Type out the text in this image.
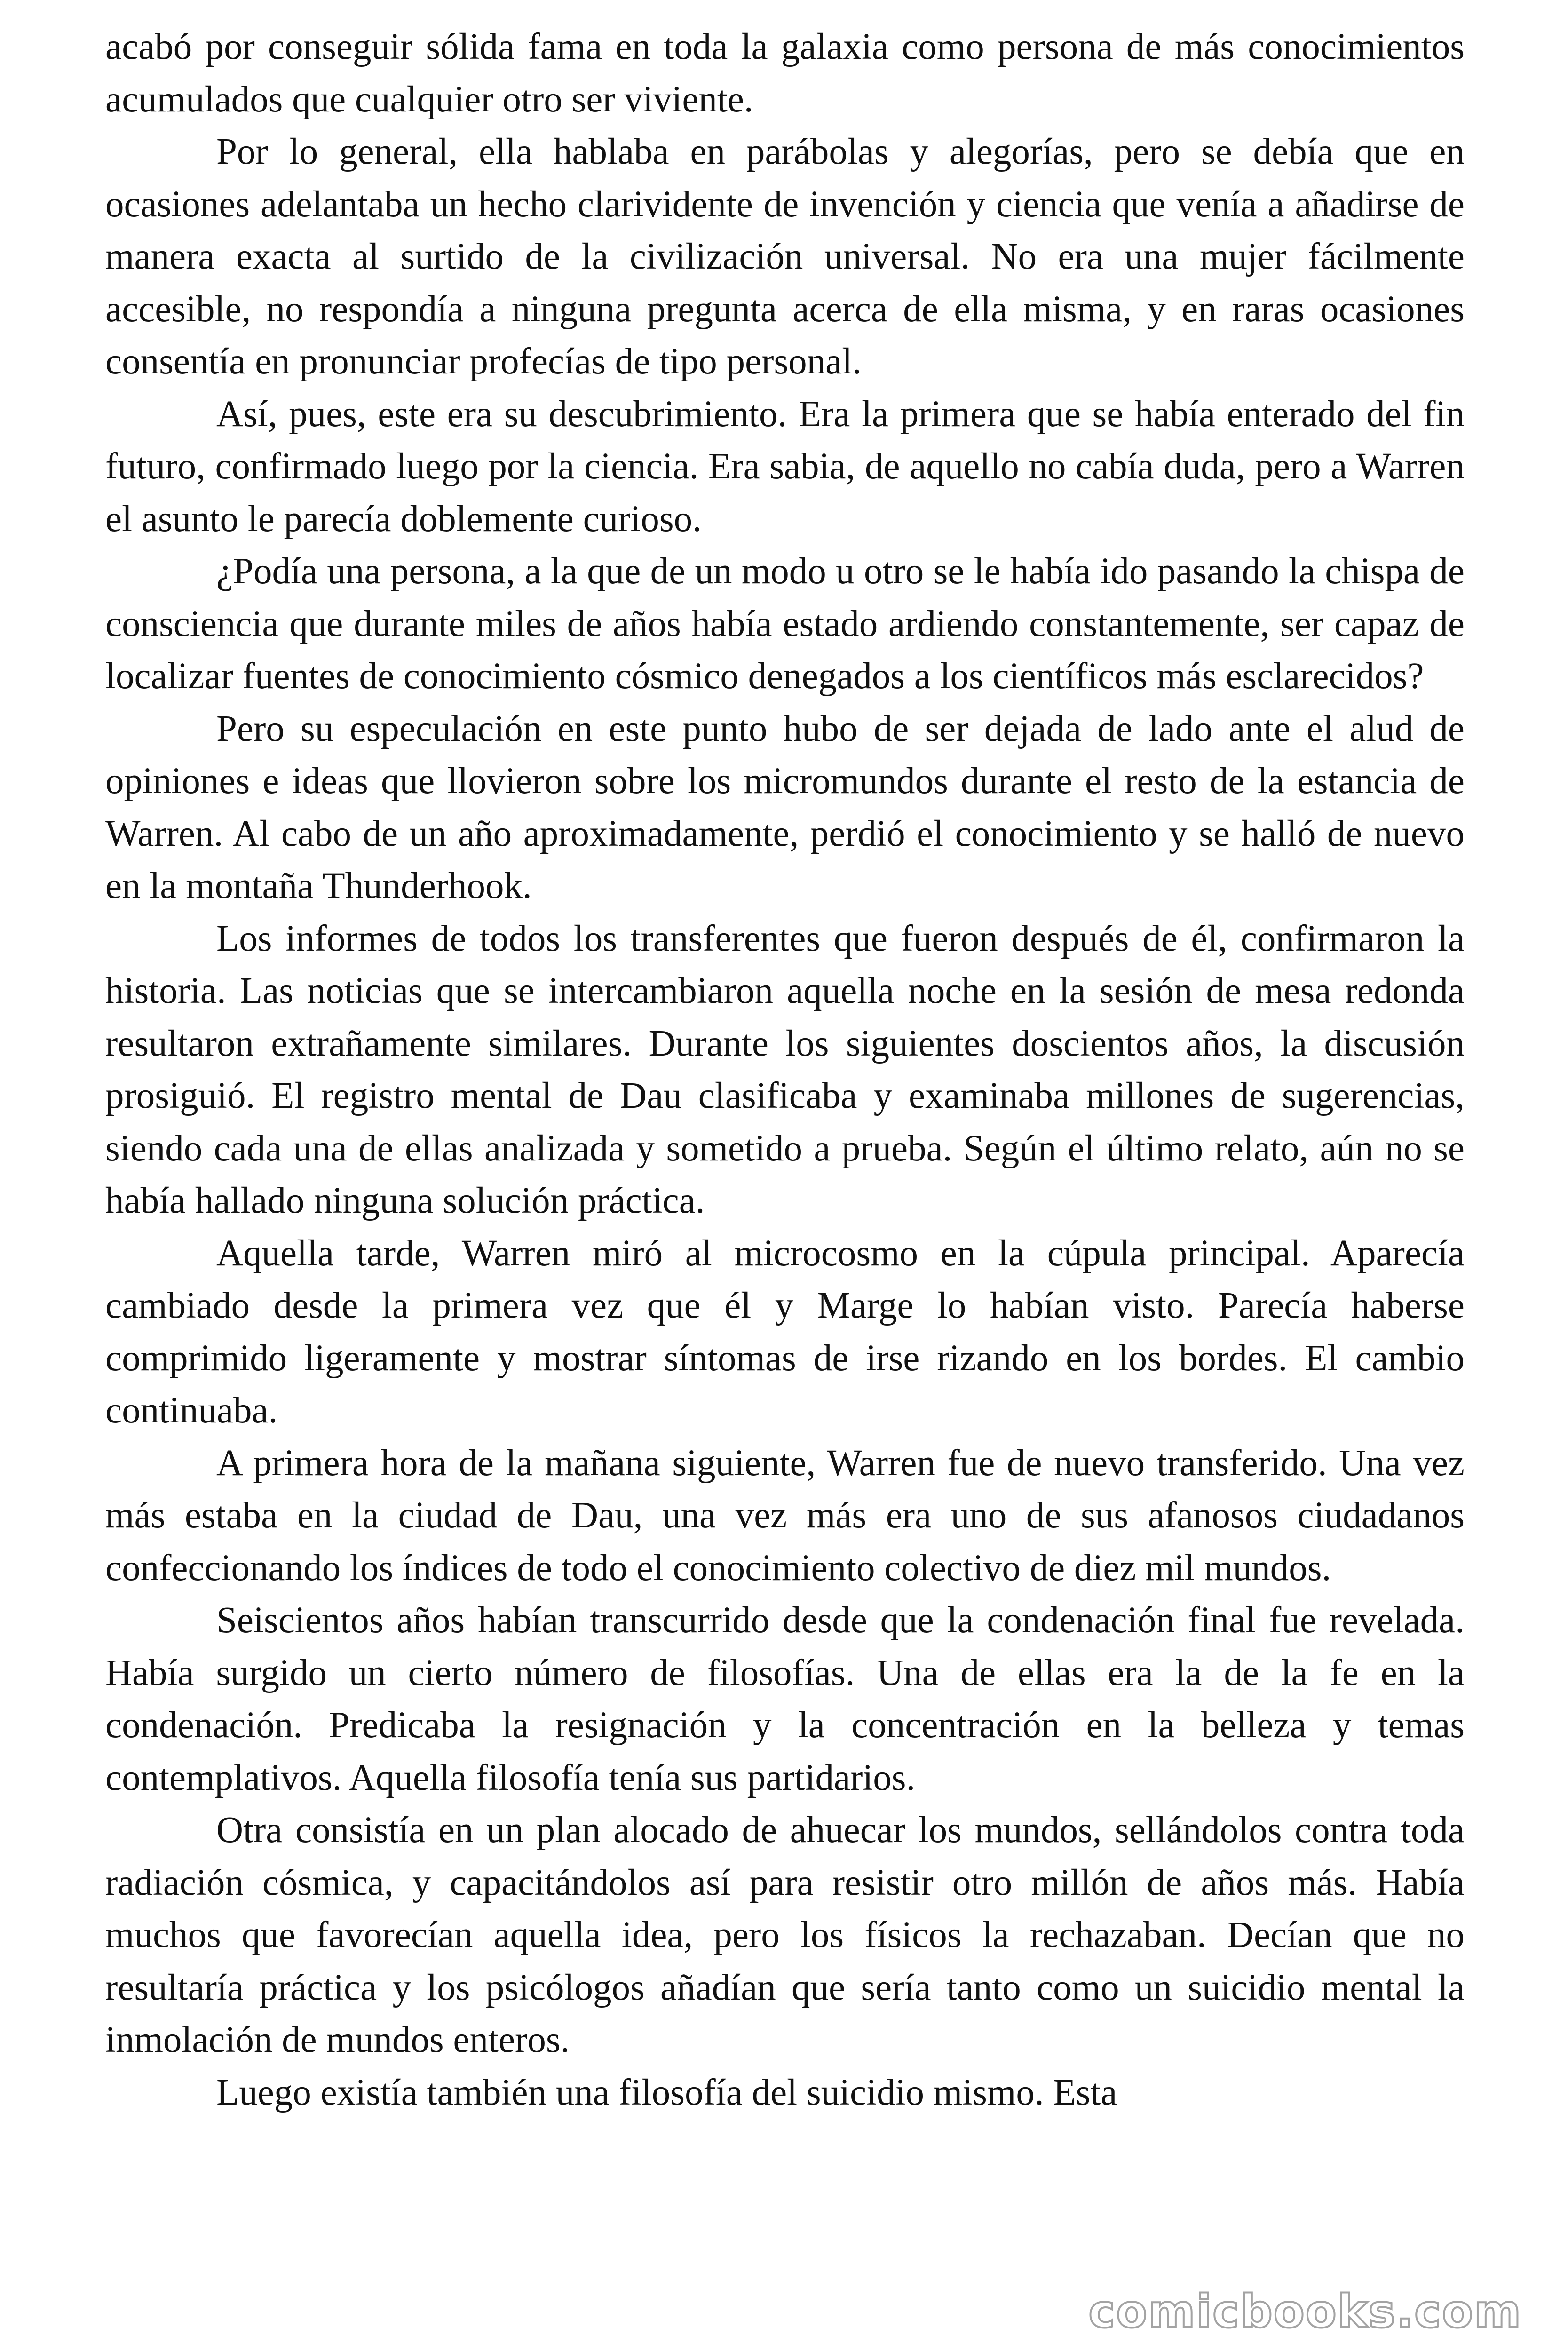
acabó por conseguir sólida fama en toda la galaxia como persona de más conocimientos acumulados que cualquier otro ser viviente.

Por lo general, ella hablaba en parábolas y alegorías, pero se debía que en ocasiones adelantaba un hecho clarividente de invención y ciencia que venía a añadirse de manera exacta al surtido de la civilización universal. No era una mujer fácilmente accesible, no respondía a ninguna pregunta acerca de ella misma, y en raras ocasiones consentía en pronunciar profecías de tipo personal.

Así, pues, este era su descubrimiento. Era la primera que se había enterado del fin futuro, confirmado luego por la ciencia. Era sabia, de aquello no cabía duda, pero a Warren el asunto le parecía doblemente curioso.

¿Podía una persona, a la que de un modo u otro se le había ido pasando la chispa de consciencia que durante miles de años había estado ardiendo constantemente, ser capaz de localizar fuentes de conocimiento cósmico denegados a los científicos más esclarecidos?

Pero su especulación en este punto hubo de ser dejada de lado ante el alud de opiniones e ideas que llovieron sobre los micromundos durante el resto de la estancia de Warren. Al cabo de un año aproximadamente, perdió el conocimiento y se halló de nuevo en la montaña Thunderhook.

Los informes de todos los transferentes que fueron después de él, confirmaron la historia. Las noticias que se intercambiaron aquella noche en la sesión de mesa redonda resultaron extrañamente similares. Durante los siguientes doscientos años, la discusión prosiguió. El registro mental de Dau clasificaba y examinaba millones de sugerencias, siendo cada una de ellas analizada y sometido a prueba. Según el último relato, aún no se había hallado ninguna solución práctica.

Aquella tarde, Warren miró al microcosmo en la cúpula principal. Aparecía cambiado desde la primera vez que él y Marge lo habían visto. Parecía haberse comprimido ligeramente y mostrar síntomas de irse rizando en los bordes. El cambio continuaba.

A primera hora de la mañana siguiente, Warren fue de nuevo transferido. Una vez más estaba en la ciudad de Dau, una vez más era uno de sus afanosos ciudadanos confeccionando los índices de todo el conocimiento colectivo de diez mil mundos.

Seiscientos años habían transcurrido desde que la condenación final fue revelada. Había surgido un cierto número de filosofías. Una de ellas era la de la fe en la condenación. Predicaba la resignación y la concentración en la belleza y temas contemplativos. Aquella filosofía tenía sus partidarios.

Otra consistía en un plan alocado de ahuecar los mundos, sellándolos contra toda radiación cósmica, y capacitándolos así para resistir otro millón de años más. Había muchos que favorecían aquella idea, pero los físicos la rechazaban. Decían que no resultaría práctica y los psicólogos añadían que sería tanto como un suicidio mental la inmolación de mundos enteros.

Luego existía también una filosofía del suicidio mismo. Esta

comicbooks.com
